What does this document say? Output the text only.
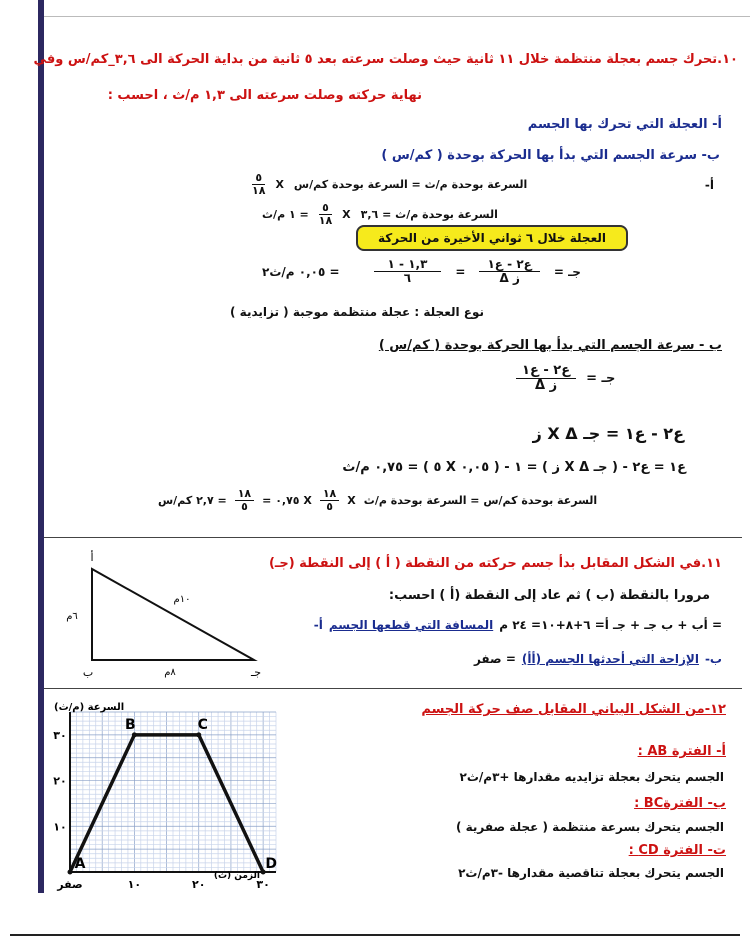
١٠.تحرك جسم بعجلة منتظمة خلال ١١ ثانية حيث وصلت سرعته بعد ٥ ثانية من بداية الحركة الى ٣,٦_كم/س وفي
نهاية حركته وصلت سرعته الى ١,٣ م/ث ، احسب :
أ- العجلة التي تحرك بها الجسم
ب- سرعة الجسم التي بدأ بها الحركة بوحدة ( كم/س )
أ-
$\frac{٥}{١٨}$ X السرعة بوحدة م/ث = السرعة بوحدة كم/س
= ١ م/ث $\frac{٥}{١٨}$ X السرعة بوحدة م/ث = ٣,٦
العجلة خلال ٦ ثواني الأخيرة من الحركة
= ٠,٠٥ م/ث٢	$\frac{١,٣ - ١}{٦} = \frac{\text{ع٢ - ع١}}{\text{Δ ز}}$ جـ =
نوع العجلة : عجلة منتظمة موجبة ( تزايدية )
ب - سرعة الجسم التي بدأ بها الحركة بوحدة ( كم/س )
$\frac{\text{ع٢ - ع١}}{\text{Δ ز}}$ جـ =
ع٢ - ع١ = جـ X Δ ز
ع١ = ع٢ - ( جـ X Δ ز ) = ١ - ( ٠,٠٥ X ٥ ) = ٠,٧٥ م/ث
= ٢,٧ كم/س $\frac{١٨}{٥}$ = ٠,٧٥ X $\frac{١٨}{٥}$ X السرعة بوحدة كم/س = السرعة بوحدة م/ث
١١.في الشكل المقابل بدأ جسم حركته من النقطة ( أ ) إلى النقطة (جـ)
مرورا بالنقطة (ب ) ثم عاد إلى النقطة (أ ) احسب:
أ- المسافة التي قطعها الجسم = أب + ب جـ + جـ أ= ٦+٨+١٠= ٢٤ م
ب-
الإزاحة التي أحدثها الجسم (أأ)
= صفر
أ
ب	جـ
٦م
٨م
١٠م
١٢-من الشكل البياني المقابل صف حركة الجسم
أ- الفترة AB :
الجسم يتحرك بعجلة تزايديه مقدارها +٣م/ث٢
ب- الفترةBC :
الجسم يتحرك بسرعة منتظمة ( عجلة صفرية )
ت- الفترة CD :
الجسم يتحرك بعجلة تناقصية مقدارها -٣م/ث٢
A
B	C
D
صفر	١٠	٢٠	٣٠
١٠
٢٠
٣٠
السرعة (م/ث)
الزمن (ث)
